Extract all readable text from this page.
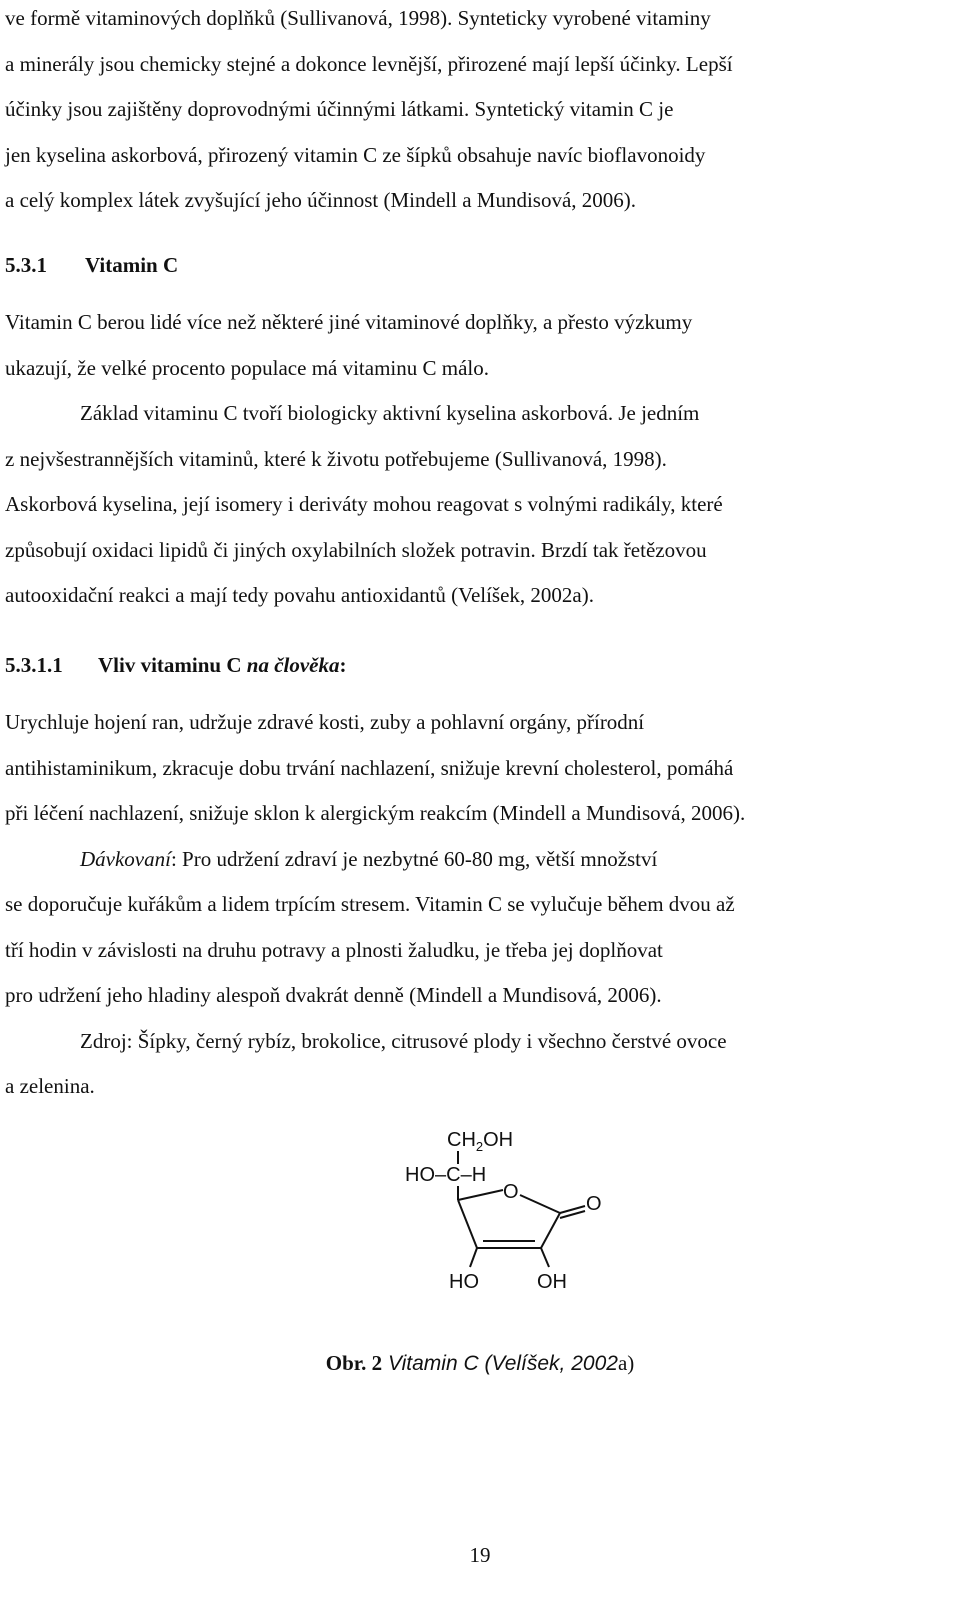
ve formě vitaminových doplňků (Sullivanová, 1998). Synteticky vyrobené vitaminy

a minerály jsou chemicky stejné a dokonce levnější, přirozené mají lepší účinky. Lepší

účinky jsou zajištěny doprovodnými účinnými látkami. Syntetický vitamin C je

jen kyselina askorbová, přirozený vitamin C ze šípků obsahuje navíc bioflavonoidy

a celý komplex látek zvyšující jeho účinnost (Mindell a Mundisová, 2006).

5.3.1 Vitamin C

Vitamin C berou lidé více než některé jiné vitaminové doplňky, a přesto výzkumy

ukazují, že velké procento populace má vitaminu C málo.

Základ vitaminu C tvoří biologicky aktivní kyselina askorbová. Je jedním

z nejvšestrannějších vitaminů, které k životu potřebujeme (Sullivanová, 1998).

Askorbová kyselina, její isomery i deriváty mohou reagovat s volnými radikály, které

způsobují oxidaci lipidů či jiných oxylabilních složek potravin. Brzdí tak řetězovou

autooxidační reakci a mají tedy povahu antioxidantů (Velíšek, 2002a).

5.3.1.1 Vliv vitaminu C na člověka:

Urychluje hojení ran, udržuje zdravé kosti, zuby a pohlavní orgány, přírodní

antihistaminikum, zkracuje dobu trvání nachlazení, snižuje krevní cholesterol, pomáhá

při léčení nachlazení, snižuje sklon k alergickým reakcím (Mindell a Mundisová, 2006).

Dávkovaní: Pro udržení zdraví je nezbytné 60-80 mg, větší množství

se doporučuje kuřákům a lidem trpícím stresem. Vitamin C se vylučuje během dvou až

tří hodin v závislosti na druhu potravy a plnosti žaludku, je třeba jej doplňovat

pro udržení jeho hladiny alespoň dvakrát denně (Mindell a Mundisová, 2006).

Zdroj: Šípky, černý rybíz, brokolice, citrusové plody i všechno čerstvé ovoce

a zelenina.

$CH_2OH$
HO–C–H
O
O
HO	OH
Obr. 2 Vitamin C (Velíšek, 2002a)
19
